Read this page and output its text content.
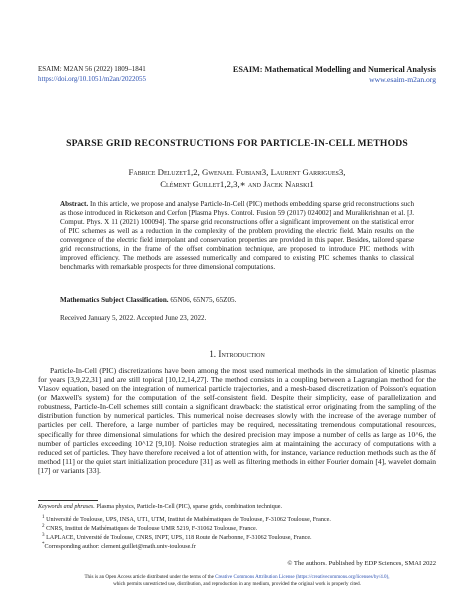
ESAIM: M2AN 56 (2022) 1809–1841
https://doi.org/10.1051/m2an/2022055
ESAIM: Mathematical Modelling and Numerical Analysis
www.esaim-m2an.org
SPARSE GRID RECONSTRUCTIONS FOR PARTICLE-IN-CELL METHODS
Fabrice Deluzet1,2, Gwenael Fubiani3, Laurent Garrigues3,
Clément Guillet1,2,3,∗ and Jacek Narski1
Abstract. In this article, we propose and analyse Particle-In-Cell (PIC) methods embedding sparse grid reconstructions such as those introduced in Ricketson and Cerfon [Plasma Phys. Control. Fusion 59 (2017) 024002] and Muralikrishnan et al. [J. Comput. Phys. X 11 (2021) 100094]. The sparse grid reconstructions offer a significant improvement on the statistical error of PIC schemes as well as a reduction in the complexity of the problem providing the electric field. Main results on the convergence of the electric field interpolant and conservation properties are provided in this paper. Besides, tailored sparse grid reconstructions, in the frame of the offset combination technique, are proposed to introduce PIC methods with improved efficiency. The methods are assessed numerically and compared to existing PIC schemes thanks to classical benchmarks with remarkable prospects for three dimensional computations.
Mathematics Subject Classification. 65N06, 65N75, 65Z05.
Received January 5, 2022. Accepted June 23, 2022.
1. Introduction
Particle-In-Cell (PIC) discretizations have been among the most used numerical methods in the simulation of kinetic plasmas for years [3,9,22,31] and are still topical [10,12,14,27]. The method consists in a coupling between a Lagrangian method for the Vlasov equation, based on the integration of numerical particle trajectories, and a mesh-based discretization of Poisson's equation (or Maxwell's system) for the computation of the self-consistent field. Despite their simplicity, ease of parallelization and robustness, Particle-In-Cell schemes still contain a significant drawback: the statistical error originating from the sampling of the distribution function by numerical particles. This numerical noise decreases slowly with the increase of the average number of particles per cell. Therefore, a large number of particles may be required, necessitating tremendous computational resources, specifically for three dimensional simulations for which the desired precision may impose a number of cells as large as 10^6, the number of particles exceeding 10^12 [9,10]. Noise reduction strategies aim at maintaining the accuracy of computations with a reduced set of particles. They have therefore received a lot of attention with, for instance, variance reduction methods such as the δf method [11] or the quiet start initialization procedure [31] as well as filtering methods in either Fourier domain [4], wavelet domain [17] or variants [33].
Keywords and phrases. Plasma physics, Particle-In-Cell (PIC), sparse grids, combination technique.
$^1$ Université de Toulouse, UPS, INSA, UT1, UTM, Institut de Mathématiques de Toulouse, F-31062 Toulouse, France.
$^2$ CNRS, Institut de Mathématiques de Toulouse UMR 5219, F-31062 Toulouse, France.
$^3$ LAPLACE, Université de Toulouse, CNRS, INPT, UPS, 118 Route de Narbonne, F-31062 Toulouse, France.
*Corresponding author: clement.guillet@math.univ-toulouse.fr
© The authors. Published by EDP Sciences, SMAI 2022
This is an Open Access article distributed under the terms of the Creative Commons Attribution License (https://creativecommons.org/licenses/by/4.0),
which permits unrestricted use, distribution, and reproduction in any medium, provided the original work is properly cited.
